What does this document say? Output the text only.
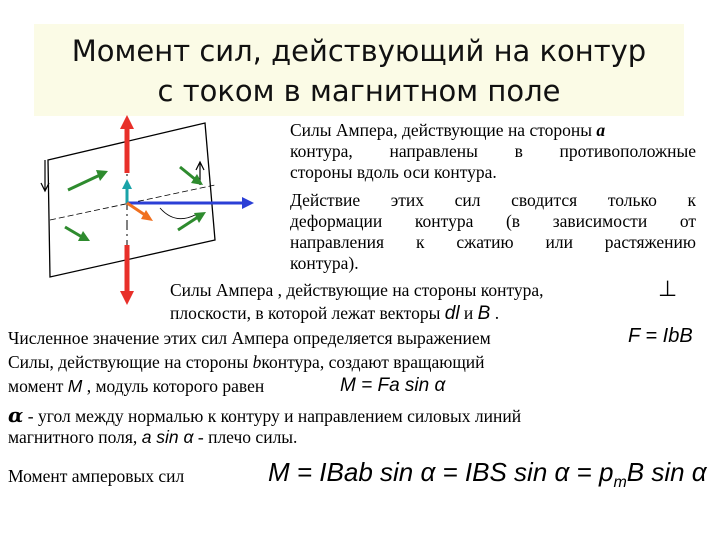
Момент сил, действующий на контур
с током в магнитном поле
Силы Ампера, действующие на стороны a
контура, направлены в противоположные
стороны вдоль оси контура.
Действие этих сил сводится только к
деформации контура (в зависимости от
направления к сжатию или растяжению
контура).
Силы Ампера , действующие на стороны контура,	⊥
плоскости, в которой лежат векторы dl и B .
Численное значение этих сил Ампера определяется выражением	F = IbB
Силы, действующие на стороны bконтура, создают вращающий
момент M , модуль которого равен	M = Fa sin α
α - угол между нормалью к контуру и направлением силовых линий
магнитного поля, a sin α - плечо силы.
Момент амперовых сил	M = IBab sin α = IBS $\sin \alpha = p_mB$ sin α
